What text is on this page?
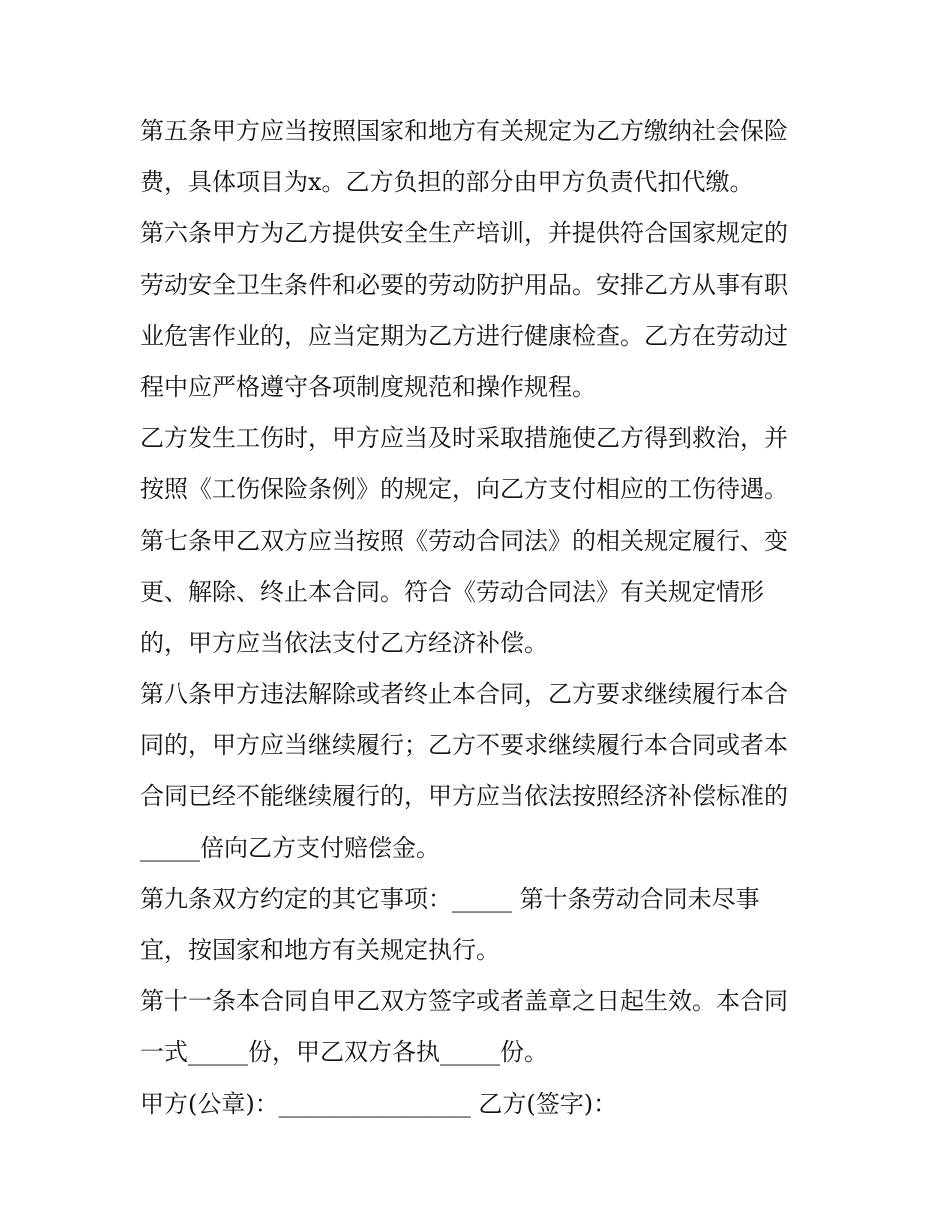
第五条甲方应当按照国家和地方有关规定为乙方缴纳社会保险
费，具体项目为x。乙方负担的部分由甲方负责代扣代缴。
第六条甲方为乙方提供安全生产培训，并提供符合国家规定的
劳动安全卫生条件和必要的劳动防护用品。安排乙方从事有职
业危害作业的，应当定期为乙方进行健康检查。乙方在劳动过
程中应严格遵守各项制度规范和操作规程。
乙方发生工伤时，甲方应当及时采取措施使乙方得到救治，并
按照《工伤保险条例》的规定，向乙方支付相应的工伤待遇。
第七条甲乙双方应当按照《劳动合同法》的相关规定履行、变
更、解除、终止本合同。符合《劳动合同法》有关规定情形
的，甲方应当依法支付乙方经济补偿。
第八条甲方违法解除或者终止本合同，乙方要求继续履行本合
同的，甲方应当继续履行；乙方不要求继续履行本合同或者本
合同已经不能继续履行的，甲方应当依法按照经济补偿标准的
_____倍向乙方支付赔偿金。
第九条双方约定的其它事项：_____ 第十条劳动合同未尽事
宜，按国家和地方有关规定执行。
第十一条本合同自甲乙双方签字或者盖章之日起生效。本合同
一式_____份，甲乙双方各执_____份。
甲方(公章)：________________ 乙方(签字)：
